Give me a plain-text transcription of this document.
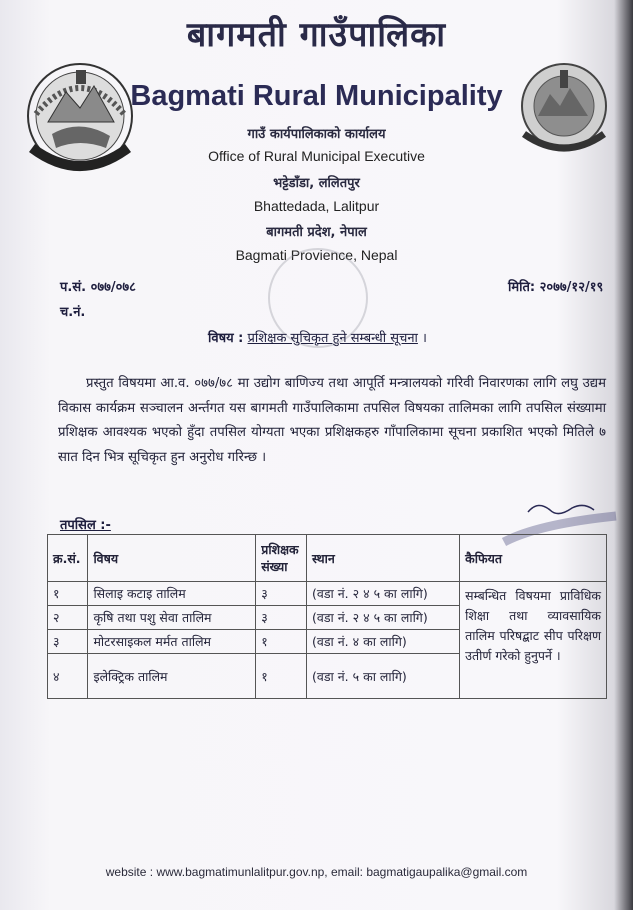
बागमती गाउँपालिका
Bagmati Rural Municipality
गाउँ कार्यपालिकाको कार्यालय
Office of Rural Municipal Executive
भट्टेडाँडा, ललितपुर
Bhattedada, Lalitpur
बागमती प्रदेश, नेपाल
Bagmati Provience, Nepal
प.सं. ०७७/०७८
च.नं.
मिति: २०७७/१२/१९
विषय : प्रशिक्षक सुचिकृत हुने सम्बन्धी सूचना ।
प्रस्तुत विषयमा आ.व. ०७७/७८ मा उद्योग बाणिज्य तथा आपूर्ति मन्त्रालयको गरिवी निवारणका लागि लघु उद्यम विकास कार्यक्रम सञ्चालन अर्न्तगत यस बागमती गाउँपालिकामा तपसिल विषयका तालिमका लागि तपसिल संख्यामा प्रशिक्षक आवश्यक भएको हुँदा तपसिल योग्यता भएका प्रशिक्षकहरु गाँपालिकामा सूचना प्रकाशित भएको मितिले ७ सात दिन भित्र सूचिकृत हुन अनुरोध गरिन्छ ।
तपसिल :-
क्र.सं.	विषय	प्रशिक्षक संख्या	स्थान	कैफियत
१	सिलाइ कटाइ तालिम	३	(वडा नं. २ ४ ५ का लागि)	सम्बन्धित विषयमा प्राविधिक शिक्षा तथा व्यावसायिक तालिम परिषद्बाट सीप परिक्षण उतीर्ण गरेको हुनुपर्ने ।
२	कृषि तथा पशु सेवा तालिम	३	(वडा नं. २ ४ ५ का लागि)	
३	मोटरसाइकल मर्मत तालिम	१	(वडा नं. ४ का लागि)	
४	इलेक्ट्रिक तालिम	१	(वडा नं. ५ का लागि)	
website : www.bagmatimunlalitpur.gov.np, email: bagmatigaupalika@gmail.com
